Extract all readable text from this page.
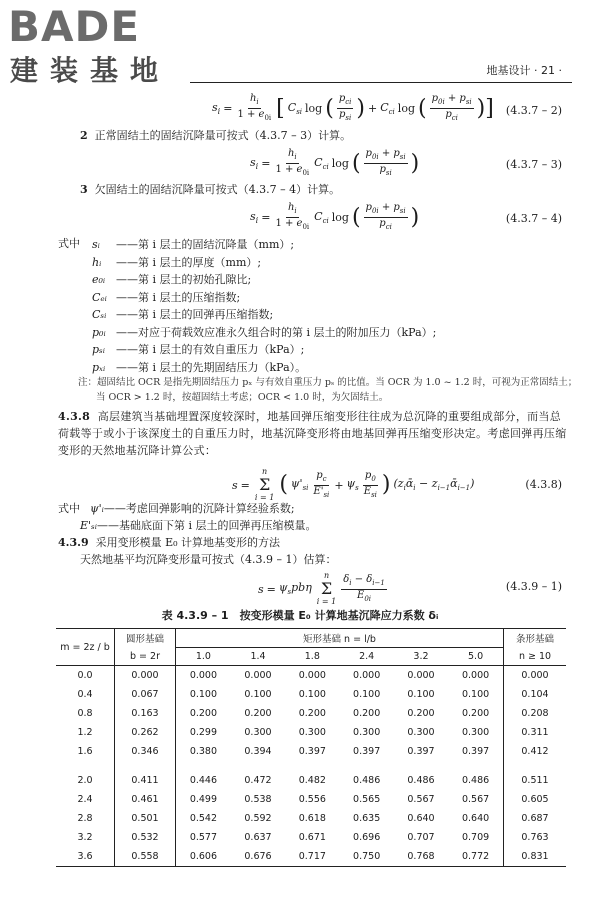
BADE
建装基地	地基设计 · 21 ·
$s_i = \frac{h_i}{1 + e_{0i}}$ [ $C_{si}$ log ( $\frac{p_{ci}}{p_{si}}$ ) + $C_{ci}$ log ( $\frac{p_{0i} + p_{si}}{p_{ci}}$ )] (4.3.7 – 2)
2 正常固结土的固结沉降量可按式（4.3.7 – 3）计算。
$s_i = \frac{h_i}{1 + e_{0i}} C_{ci}$ log ( $\frac{p_{0i} + p_{si}}{p_{si}}$ )	(4.3.7 – 3)
3 欠固结土的固结沉降量可按式（4.3.7 – 4）计算。
$s_i = \frac{h_i}{1 + e_{0i}} C_{ci}$ log ( $\frac{p_{0i} + p_{si}}{p_{ci}}$ )	(4.3.7 – 4)
式中 sᵢ ——第 i 层土的固结沉降量（mm）;
hᵢ ——第 i 层土的厚度（mm）;
e₀ᵢ ——第 i 层土的初始孔隙比;
Cₑᵢ ——第 i 层土的压缩指数;
Cₛᵢ ——第 i 层土的回弹再压缩指数;
p₀ᵢ ——对应于荷载效应准永久组合时的第 i 层土的附加压力（kPa）;
pₛᵢ ——第 i 层土的有效自重压力（kPa）;
pₓᵢ ——第 i 层土的先期固结压力（kPa）。
注：超固结比 OCR 是指先期固结压力 pₓ 与有效自重压力 pₛ 的比值。当 OCR 为 1.0 ~ 1.2 时，可视为正常固结土；
当 OCR > 1.2 时，按超固结土考虑；OCR < 1.0 时，为欠固结土。
4.3.8 高层建筑当基础埋置深度较深时，地基回弹压缩变形往往成为总沉降的重要组成部分，而当总
荷载等于或小于该深度土的自重压力时，地基沉降变形将由地基回弹再压缩变形决定。考虑回弹再压缩
变形的天然地基沉降计算公式：
s =
n
Σ
i = 1
( $\psi'_{si} \frac{p_c}{E'_{si}} + \psi_s \frac{p_0}{E_{si}}$ ) ($z_iᾱ_i$ − $z_{i-1}ᾱ_{i-1}$)	(4.3.8)
式中 ψ'ᵢ——考虑回弹影响的沉降计算经验系数;
E'ₛᵢ——基础底面下第 i 层土的回弹再压缩模量。
4.3.9 采用变形模量 E₀ 计算地基变形的方法
天然地基平均沉降变形量可按式（4.3.9 – 1）估算：
$s = \psi_spb\eta$
n
Σ
$i = 1 \frac{\delta_i - \delta_{i-1}}{E_{0i}}$	(4.3.9 – 1)
表 4.3.9 – 1　按变形模量 E₀ 计算地基沉降应力系数 δᵢ
m = 2z / b	圆形基础	矩形基础 n = l/b						条形基础
	b = 2r	1.0	1.4	1.8	2.4	3.2	5.0	n ≥ 10
0.0	0.000	0.000	0.000	0.000	0.000	0.000	0.000	0.000
0.4	0.067	0.100	0.100	0.100	0.100	0.100	0.100	0.104
0.8	0.163	0.200	0.200	0.200	0.200	0.200	0.200	0.208
1.2	0.262	0.299	0.300	0.300	0.300	0.300	0.300	0.311
1.6	0.346	0.380	0.394	0.397	0.397	0.397	0.397	0.412
2.0	0.411	0.446	0.472	0.482	0.486	0.486	0.486	0.511
2.4	0.461	0.499	0.538	0.556	0.565	0.567	0.567	0.605
2.8	0.501	0.542	0.592	0.618	0.635	0.640	0.640	0.687
3.2	0.532	0.577	0.637	0.671	0.696	0.707	0.709	0.763
3.6	0.558	0.606	0.676	0.717	0.750	0.768	0.772	0.831
